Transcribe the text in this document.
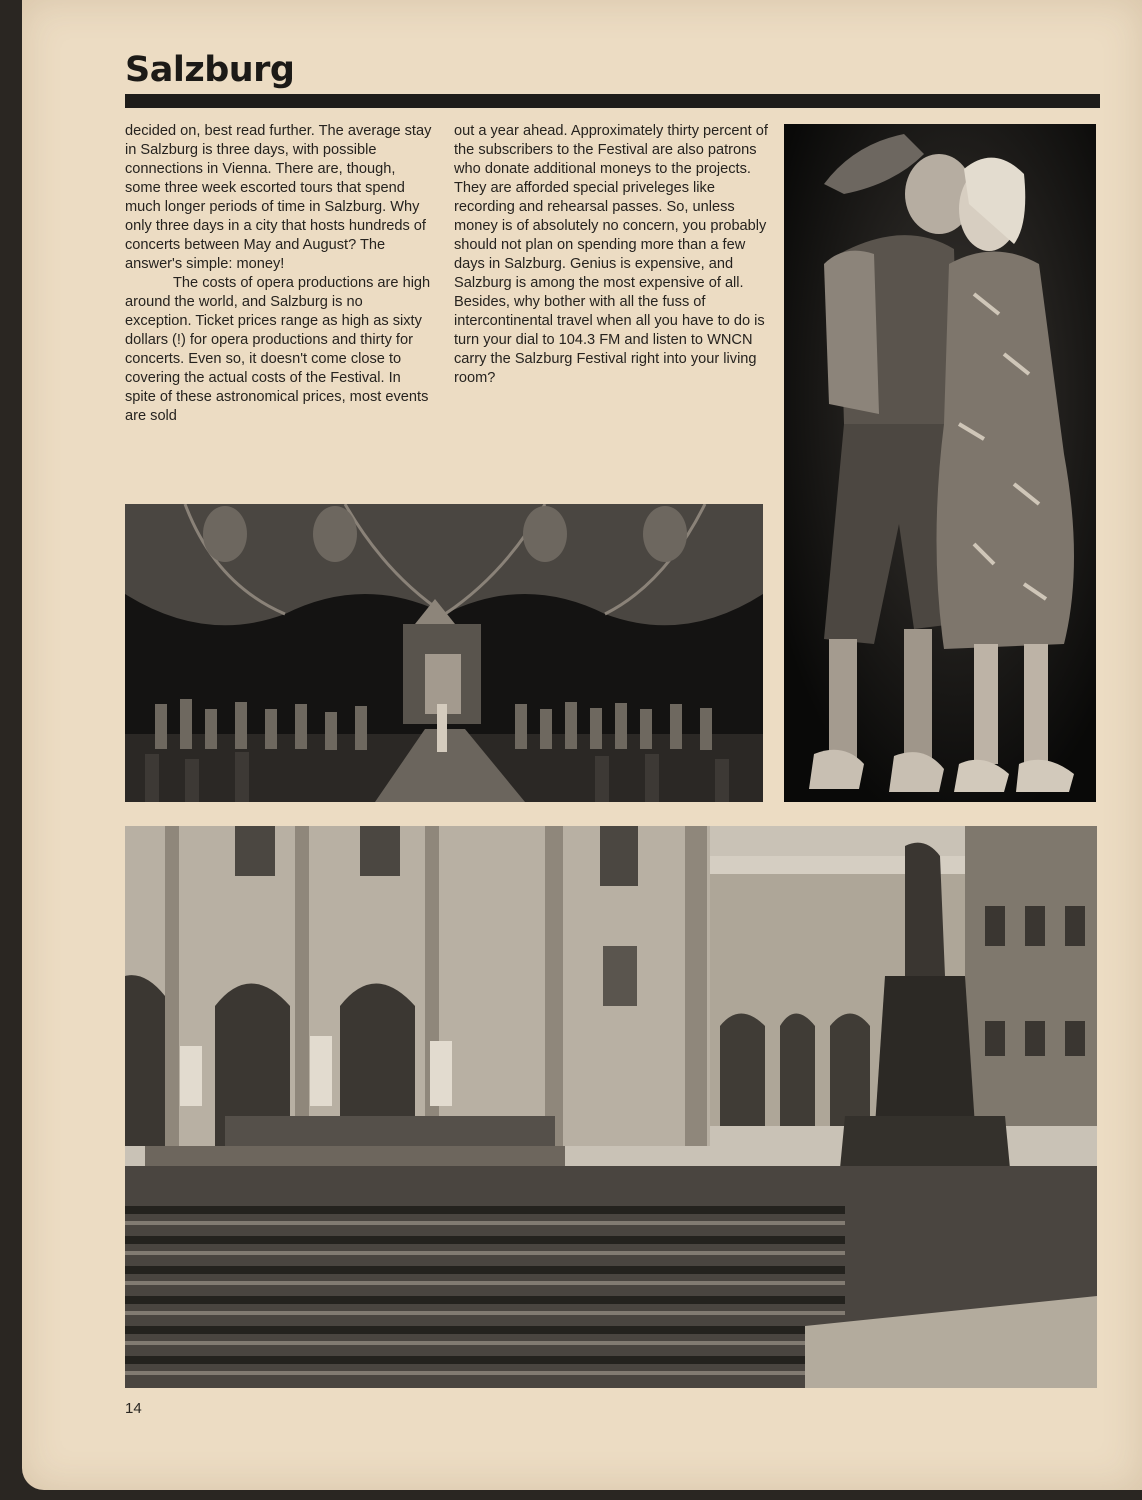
Salzburg

decided on, best read further. The average stay in Salzburg is three days, with possible connections in Vienna. There are, though, some three week escorted tours that spend much longer periods of time in Salzburg. Why only three days in a city that hosts hundreds of concerts between May and August? The answer's simple: money!

The costs of opera productions are high around the world, and Salzburg is no exception. Ticket prices range as high as sixty dollars (!) for opera productions and thirty for concerts. Even so, it doesn't come close to covering the actual costs of the Festival. In spite of these astronomical prices, most events are sold

out a year ahead. Approximately thirty percent of the subscribers to the Festival are also patrons who donate additional moneys to the projects. They are afforded special priveleges like recording and rehearsal passes. So, unless money is of absolutely no concern, you probably should not plan on spending more than a few days in Salzburg. Genius is expensive, and Salzburg is among the most expensive of all. Besides, why bother with all the fuss of intercontinental travel when all you have to do is turn your dial to 104.3 FM and listen to WNCN carry the Salzburg Festival right into your living room?

14
